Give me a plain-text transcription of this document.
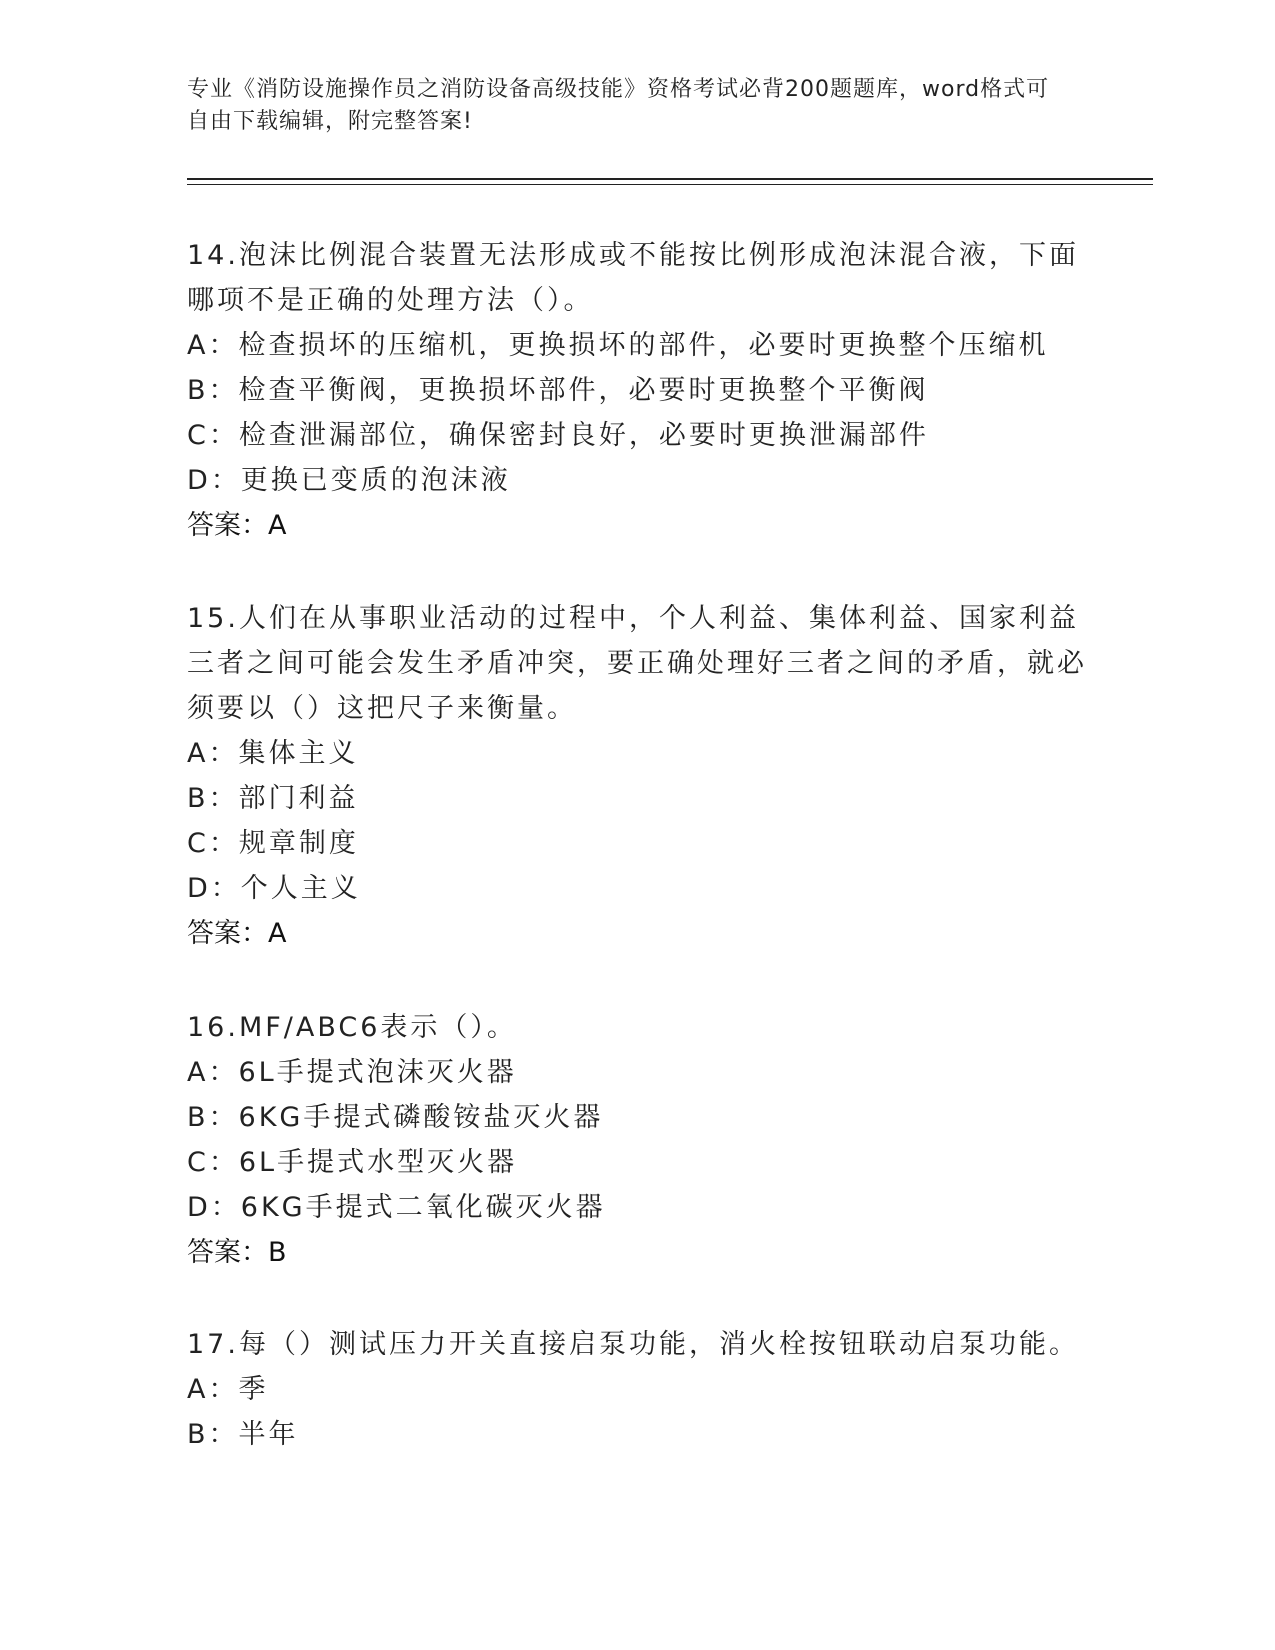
专业《消防设施操作员之消防设备高级技能》资格考试必背200题题库，word格式可自由下载编辑，附完整答案!
14.泡沫比例混合装置无法形成或不能按比例形成泡沫混合液，下面哪项不是正确的处理方法（）。
A：检查损坏的压缩机，更换损坏的部件，必要时更换整个压缩机
B：检查平衡阀，更换损坏部件，必要时更换整个平衡阀
C：检查泄漏部位，确保密封良好，必要时更换泄漏部件
D：更换已变质的泡沫液
答案：A
15.人们在从事职业活动的过程中，个人利益、集体利益、国家利益三者之间可能会发生矛盾冲突，要正确处理好三者之间的矛盾，就必须要以（）这把尺子来衡量。
A：集体主义
B：部门利益
C：规章制度
D：个人主义
答案：A
16.MF/ABC6表示（）。
A：6L手提式泡沫灭火器
B：6KG手提式磷酸铵盐灭火器
C：6L手提式水型灭火器
D：6KG手提式二氧化碳灭火器
答案：B
17.每（）测试压力开关直接启泵功能，消火栓按钮联动启泵功能。
A：季
B：半年
